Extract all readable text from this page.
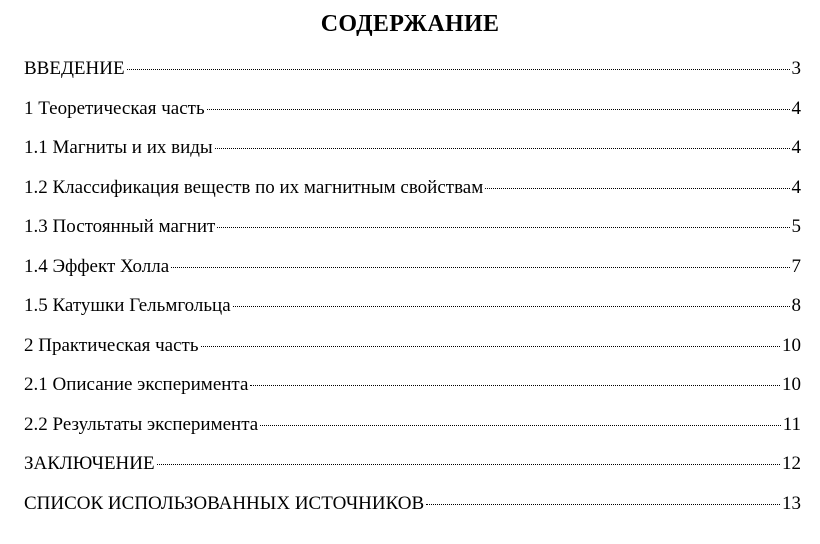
СОДЕРЖАНИЕ
ВВЕДЕНИЕ	3
1 Теоретическая часть	4
1.1 Магниты и их виды	4
1.2 Классификация веществ по их магнитным свойствам	4
1.3 Постоянный магнит	5
1.4 Эффект Холла	7
1.5 Катушки Гельмгольца	8
2 Практическая часть	10
2.1 Описание эксперимента	10
2.2 Результаты эксперимента	11
ЗАКЛЮЧЕНИЕ	12
СПИСОК ИСПОЛЬЗОВАННЫХ ИСТОЧНИКОВ	13
